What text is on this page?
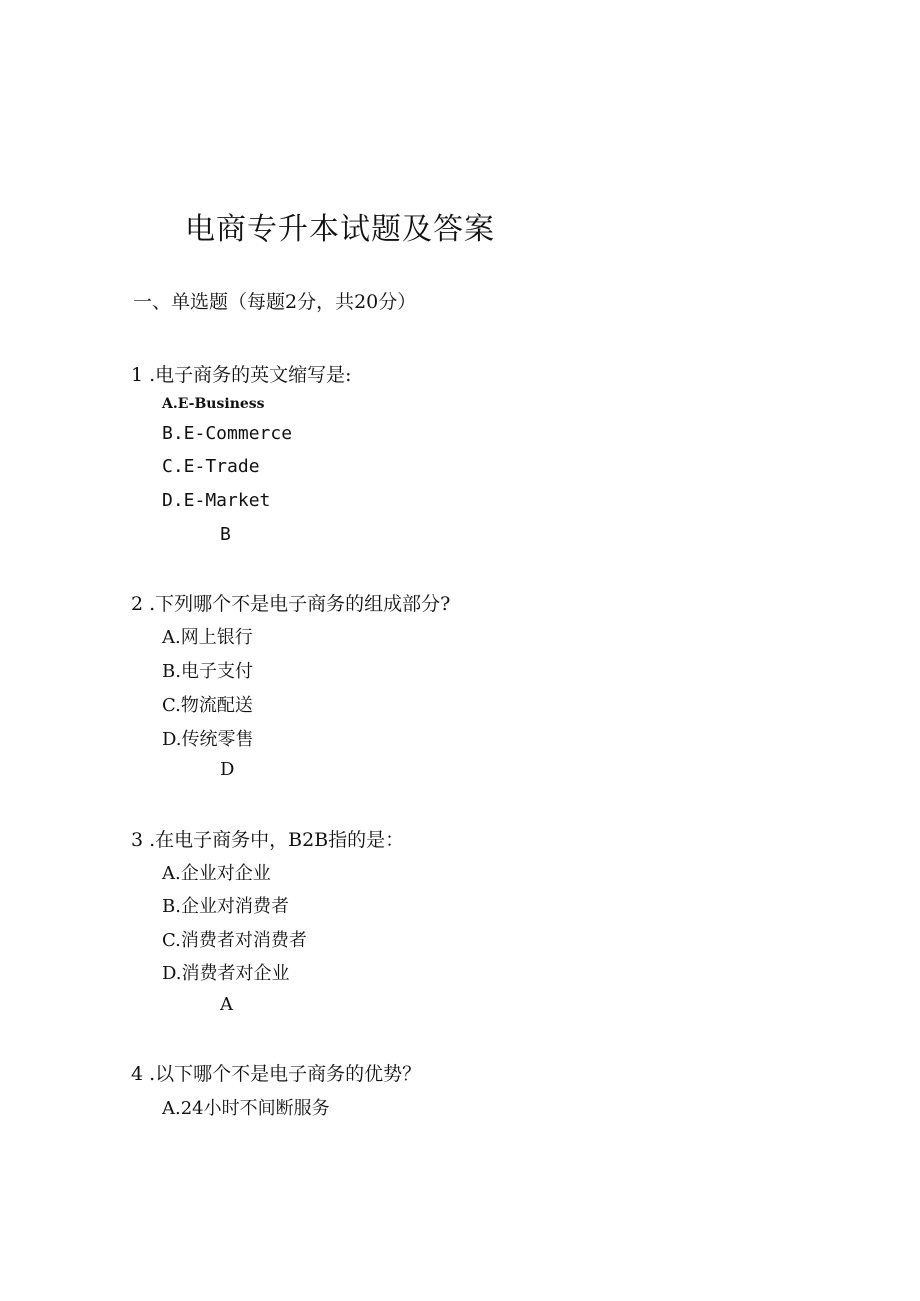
电商专升本试题及答案
一、单选题（每题2分，共20分）
1 .电子商务的英文缩写是:
A.E-Business
B.E-Commerce
C.E-Trade
D.E-Market
B
2 .下列哪个不是电子商务的组成部分?
A.网上银行
B.电子支付
C.物流配送
D.传统零售
D
3 .在电子商务中，B2B指的是：
A.企业对企业
B.企业对消费者
C.消费者对消费者
D.消费者对企业
A
4 .以下哪个不是电子商务的优势？
A.24小时不间断服务
